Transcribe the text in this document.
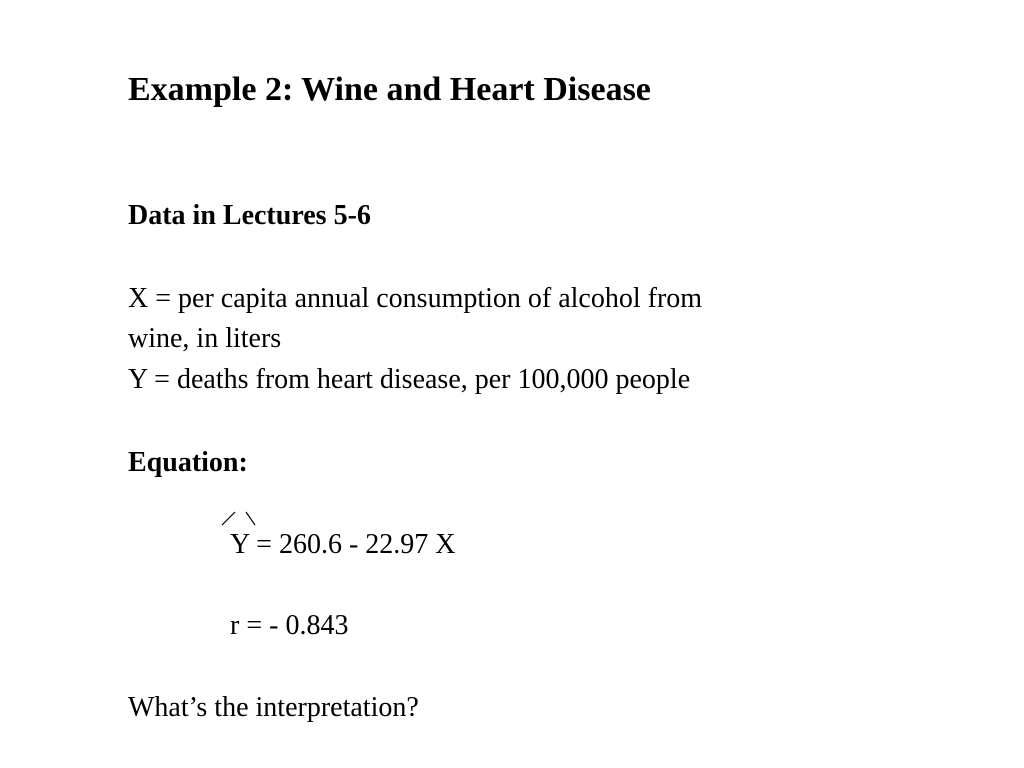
Example 2: Wine and Heart Disease
Data in Lectures 5-6
X = per capita annual consumption of alcohol from
wine, in liters
Y = deaths from heart disease, per 100,000 people
Equation:
Y = 260.6 - 22.97 X
r = - 0.843
What’s the interpretation?
